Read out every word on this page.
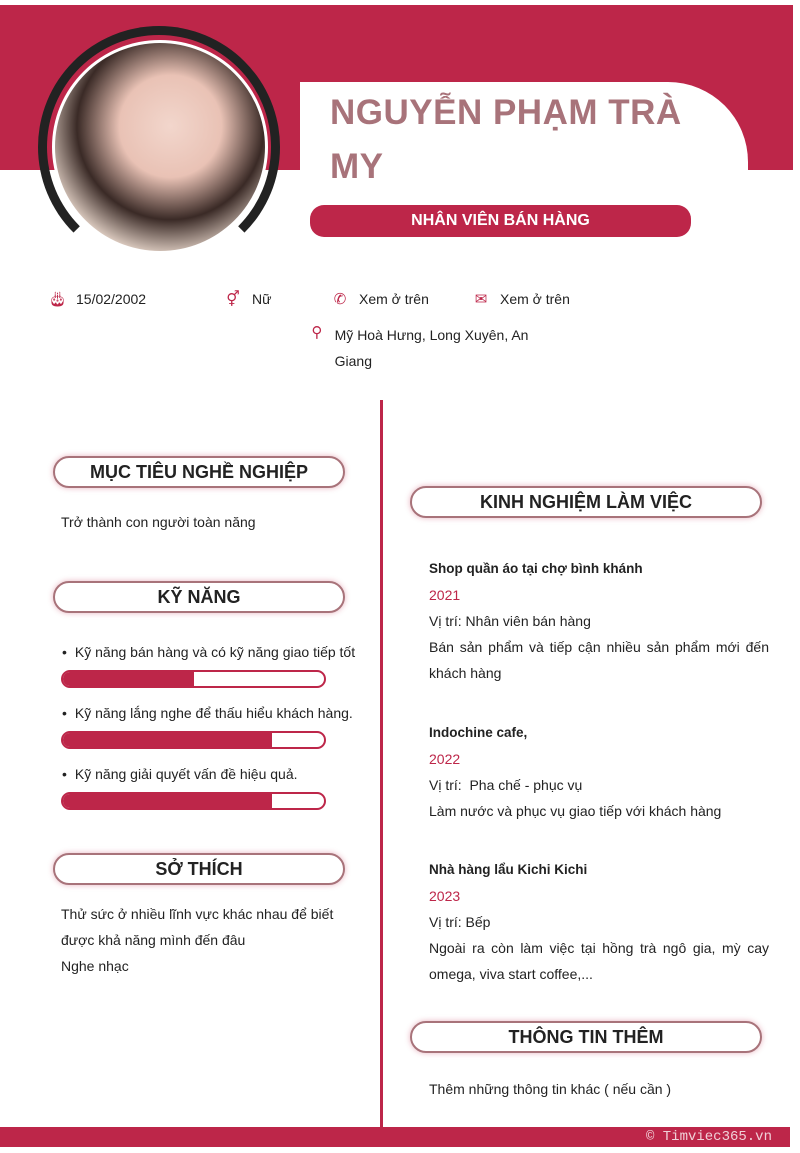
NGUYỄN PHẠM TRÀ MY
NHÂN VIÊN BÁN HÀNG
🎂︎ 15/02/2002	⚥ Nữ	✆ Xem ở trên	✉ Xem ở trên
⚲ Mỹ Hoà Hưng, Long Xuyên, An Giang
MỤC TIÊU NGHỀ NGHIỆP
Trở thành con người toàn năng
KỸ NĂNG
• Kỹ năng bán hàng và có kỹ năng giao tiếp tốt
• Kỹ năng lắng nghe để thấu hiểu khách hàng.
• Kỹ năng giải quyết vấn đề hiệu quả.
SỞ THÍCH
Thử sức ở nhiều lĩnh vực khác nhau để biết được khả năng mình đến đâu
Nghe nhạc
KINH NGHIỆM LÀM VIỆC
Shop quần áo tại chợ bình khánh
2021
Vị trí: Nhân viên bán hàng
Bán sản phẩm và tiếp cận nhiều sản phẩm mới đến khách hàng
Indochine cafe,
2022
Vị trí:  Pha chế - phục vụ
Làm nước và phục vụ giao tiếp với khách hàng
Nhà hàng lẩu Kichi Kichi
2023
Vị trí: Bếp
Ngoài ra còn làm việc tại hồng trà ngô gia, mỳ cay omega, viva start coffee,...
THÔNG TIN THÊM
Thêm những thông tin khác ( nếu cần )
© Timviec365.vn
